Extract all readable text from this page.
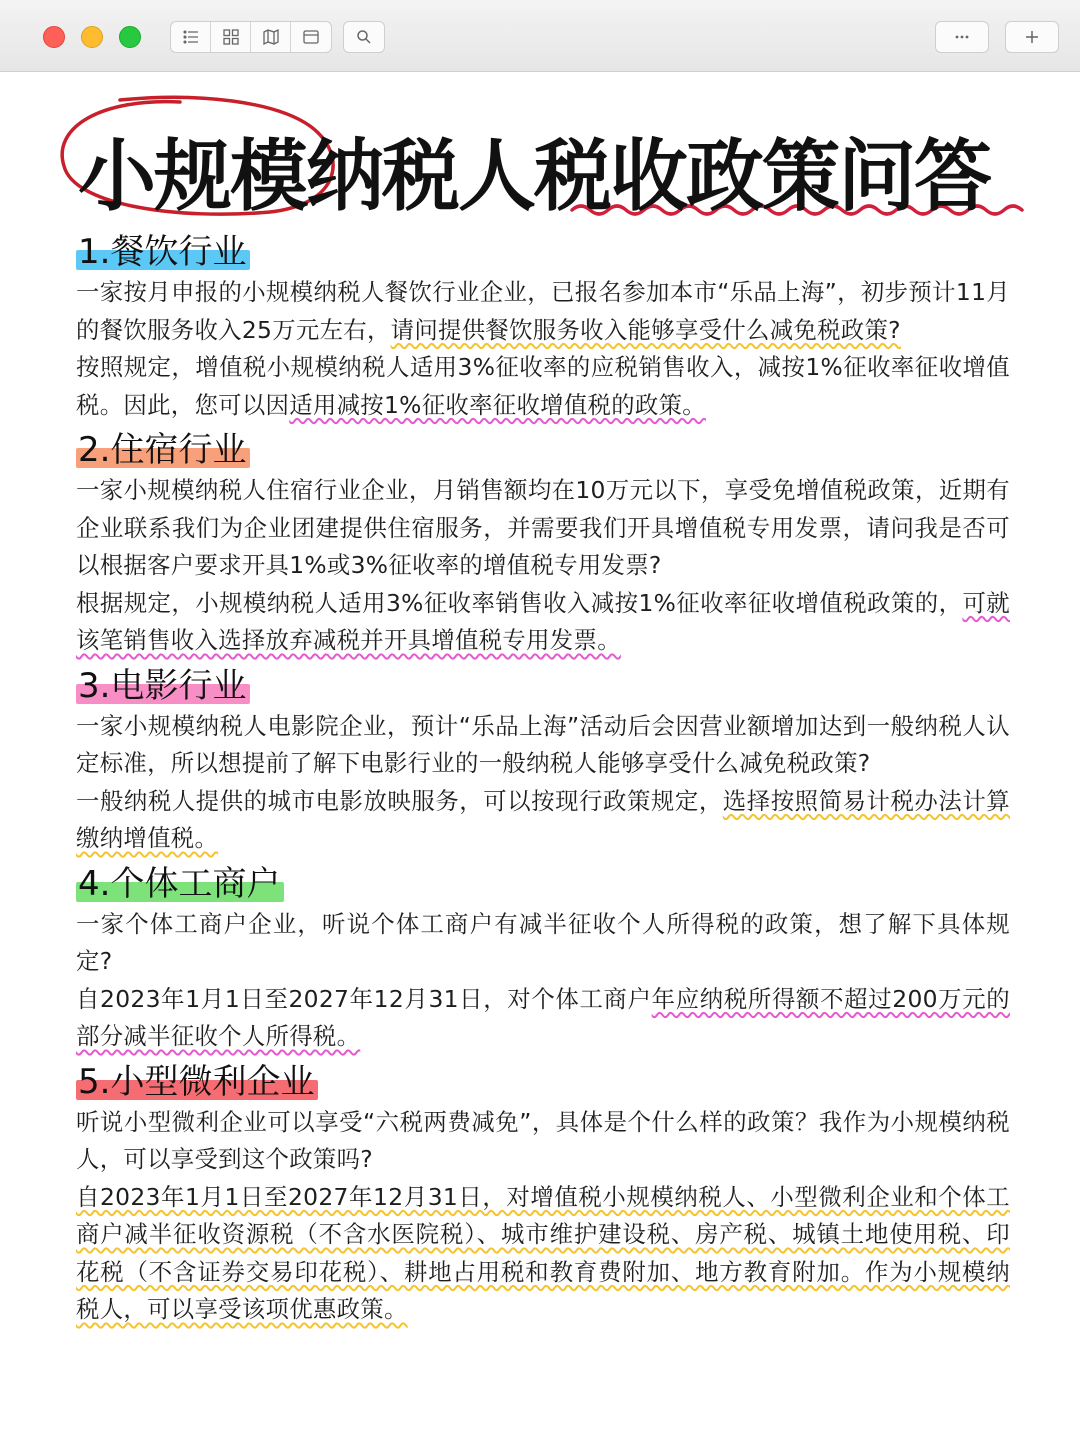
小规模纳税人税收政策问答
1.餐饮行业

一家按月申报的小规模纳税人餐饮行业企业，已报名参加本市“乐品上海”，初步预计11月的餐饮服务收入25万元左右，请问提供餐饮服务收入能够享受什么减免税政策?

按照规定，增值税小规模纳税人适用3%征收率的应税销售收入，减按1%征收率征收增值税。因此，您可以因适用减按1%征收率征收增值税的政策。

2.住宿行业

一家小规模纳税人住宿行业企业，月销售额均在10万元以下，享受免增值税政策，近期有企业联系我们为企业团建提供住宿服务，并需要我们开具增值税专用发票，请问我是否可以根据客户要求开具1%或3%征收率的增值税专用发票?

根据规定，小规模纳税人适用3%征收率销售收入减按1%征收率征收增值税政策的，可就该笔销售收入选择放弃减税并开具增值税专用发票。

3.电影行业

一家小规模纳税人电影院企业，预计“乐品上海”活动后会因营业额增加达到一般纳税人认定标准，所以想提前了解下电影行业的一般纳税人能够享受什么减免税政策?

一般纳税人提供的城市电影放映服务，可以按现行政策规定，选择按照简易计税办法计算缴纳增值税。

4.个体工商户

一家个体工商户企业，听说个体工商户有减半征收个人所得税的政策，想了解下具体规定?

自2023年1月1日至2027年12月31日，对个体工商户年应纳税所得额不超过200万元的部分减半征收个人所得税。

5.小型微利企业

听说小型微利企业可以享受“六税两费减免”，具体是个什么样的政策？我作为小规模纳税人，可以享受到这个政策吗?

自2023年1月1日至2027年12月31日，对增值税小规模纳税人、小型微利企业和个体工商户减半征收资源税（不含水医院税）、城市维护建设税、房产税、城镇土地使用税、印花税（不含证券交易印花税）、耕地占用税和教育费附加、地方教育附加。作为小规模纳税人，可以享受该项优惠政策。
